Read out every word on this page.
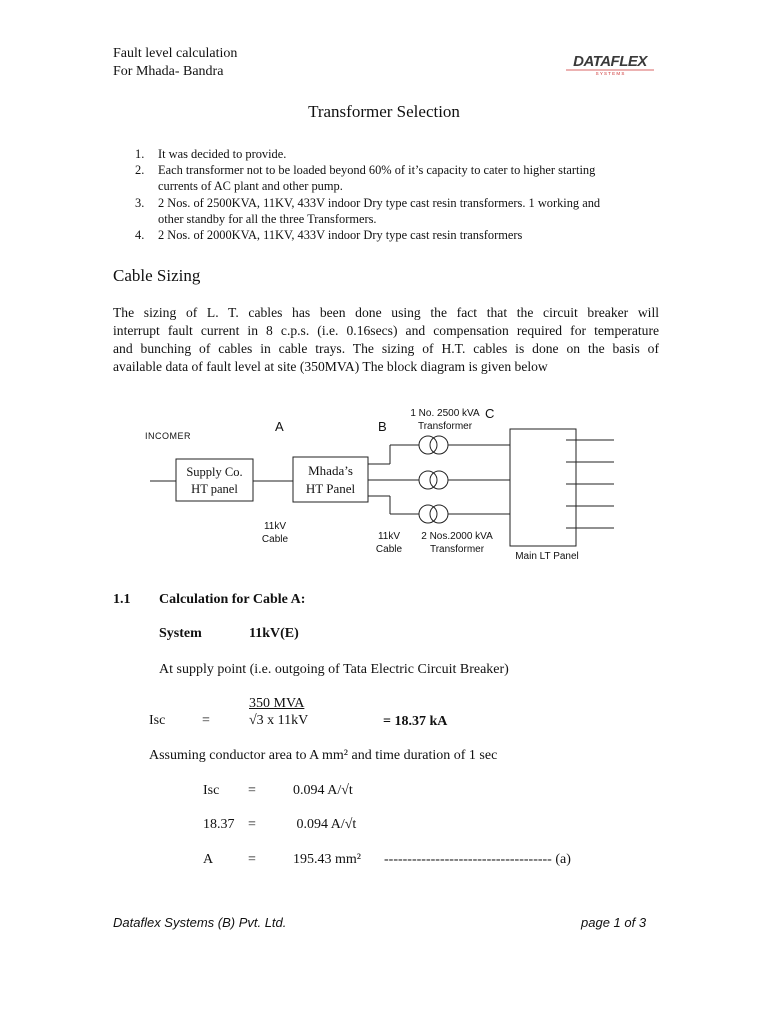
Fault level calculation
For Mhada- Bandra
DATAFLEX
S Y S T E M S
Transformer Selection
1. It was decided to provide.
2. Each transformer not to be loaded beyond 60% of it’s capacity to cater to higher starting
currents of AC plant and other pump.
3. 2 Nos. of 2500KVA, 11KV, 433V indoor Dry type cast resin transformers. 1 working and
other standby for all the three Transformers.
4. 2 Nos. of 2000KVA, 11KV, 433V indoor Dry type cast resin transformers
Cable Sizing
The sizing of L. T. cables has been done using the fact that the circuit breaker will
interrupt fault current in 8 c.p.s. (i.e. 0.16secs) and compensation required for temperature
and bunching of cables in cable trays. The sizing of H.T. cables is done on the basis of
available data of fault level at site (350MVA) The block diagram is given below
INCOMER
Supply Co.
HT panel
A
11kV
Cable
Mhada’s
HT Panel
B
11kV
Cable
1 No. 2500 kVA
Transformer
C
2 Nos.2000 kVA
Transformer
Main LT Panel
1.1 Calculation for Cable A:
System	11kV(E)
At supply point (i.e. outgoing of Tata Electric Circuit Breaker)
350 MVA
Isc	=	√3 x 11kV	= 18.37 kA
Assuming conductor area to A mm² and time duration of 1 sec
Isc =	0.094 A/√t
18.37 =	0.094 A/√t
A =	195.43 mm² ------------------------------------ (a)
Dataflex Systems (B) Pvt. Ltd.	page 1 of 3
